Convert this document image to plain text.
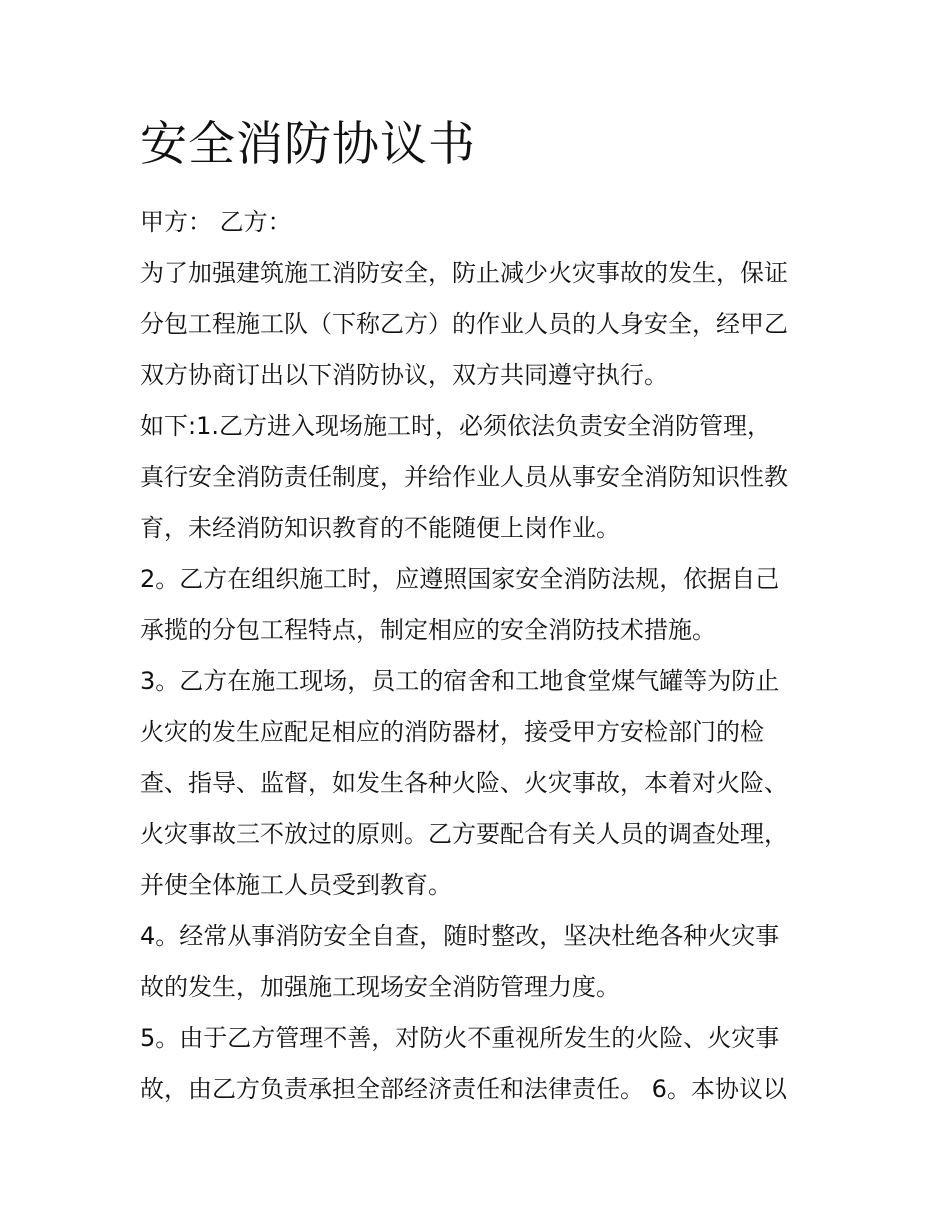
安全消防协议书

甲方： 乙方：

为了加强建筑施工消防安全，防止减少火灾事故的发生，保证

分包工程施工队（下称乙方）的作业人员的人身安全，经甲乙

双方协商订出以下消防协议，双方共同遵守执行。

如下:1.乙方进入现场施工时，必须依法负责安全消防管理，

真行安全消防责任制度，并给作业人员从事安全消防知识性教

育，未经消防知识教育的不能随便上岗作业。

2。乙方在组织施工时，应遵照国家安全消防法规，依据自己

承揽的分包工程特点，制定相应的安全消防技术措施。

3。乙方在施工现场，员工的宿舍和工地食堂煤气罐等为防止

火灾的发生应配足相应的消防器材，接受甲方安检部门的检

查、指导、监督，如发生各种火险、火灾事故，本着对火险、

火灾事故三不放过的原则。乙方要配合有关人员的调查处理，

并使全体施工人员受到教育。

4。经常从事消防安全自查，随时整改，坚决杜绝各种火灾事

故的发生，加强施工现场安全消防管理力度。

5。由于乙方管理不善，对防火不重视所发生的火险、火灾事

故，由乙方负责承担全部经济责任和法律责任。 6。本协议以
